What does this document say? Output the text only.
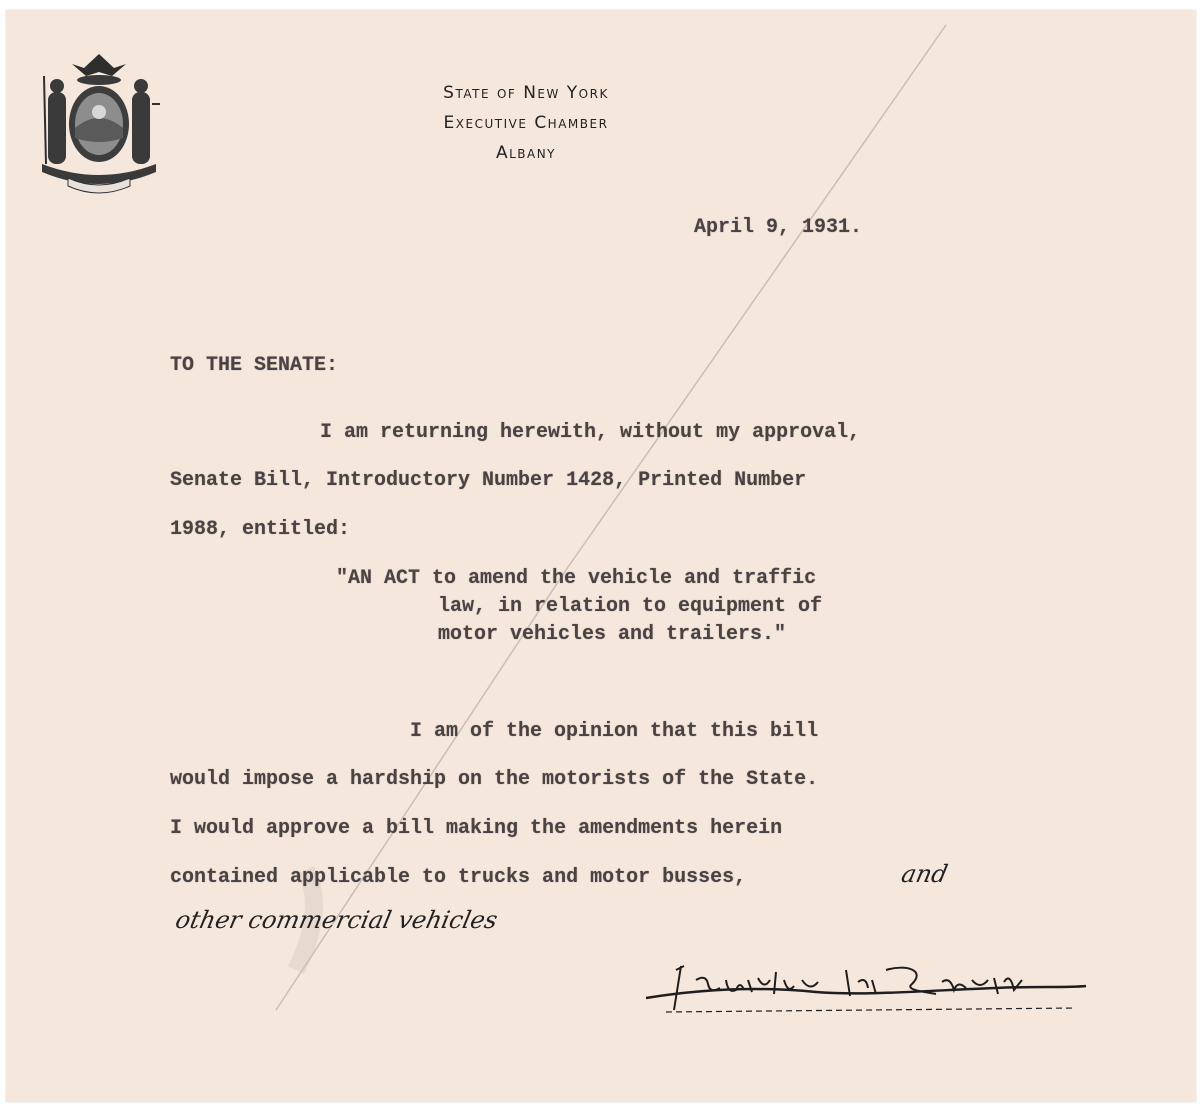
State of New York
Executive Chamber
Albany
April 9, 1931.
TO THE SENATE:
I am returning herewith, without my approval,
Senate Bill, Introductory Number 1428, Printed Number
1988, entitled:
"AN ACT to amend the vehicle and traffic
law, in relation to equipment of
motor vehicles and trailers."
I am of the opinion that this bill
would impose a hardship on the motorists of the State.
I would approve a bill making the amendments herein
contained applicable to trucks and motor busses,	and
other commercial vehicles
